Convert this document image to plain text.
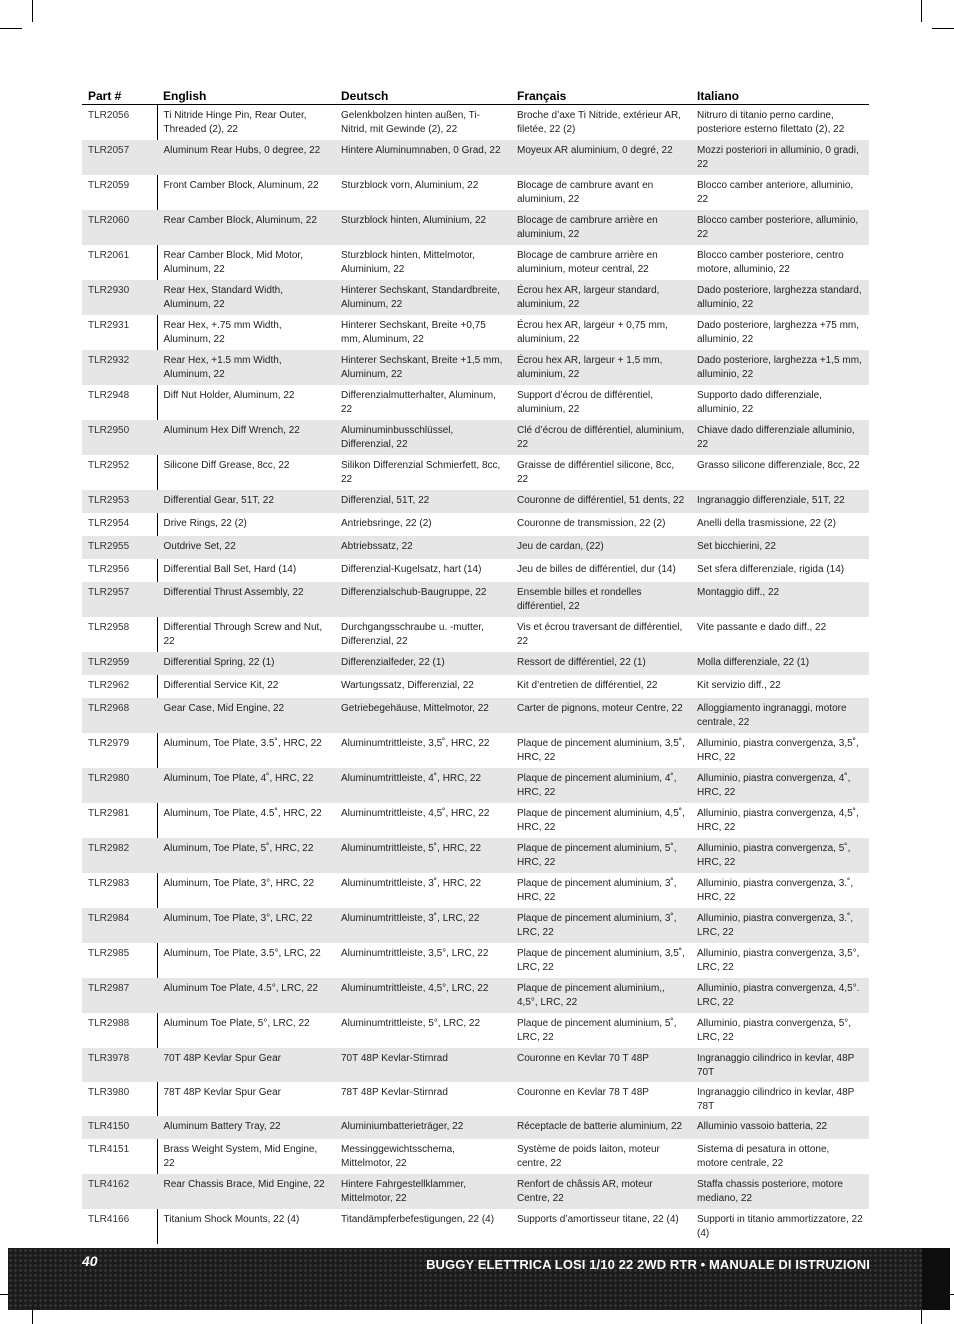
Part #	English	Deutsch	Français	Italiano
TLR2056	Ti Nitride Hinge Pin, Rear Outer, Threaded (2), 22	Gelenkbolzen hinten außen, Ti-Nitrid, mit Gewinde (2), 22	Broche d’axe Ti Nitride, extérieur AR, filetée, 22 (2)	Nitruro di titanio perno cardine, posteriore esterno filettato (2), 22
TLR2057	Aluminum Rear Hubs, 0 degree, 22	Hintere Aluminumnaben, 0 Grad, 22	Moyeux AR aluminium, 0 degré, 22	Mozzi posteriori in alluminio, 0 gradi, 22
TLR2059	Front Camber Block, Aluminum, 22	Sturzblock vorn, Aluminium, 22	Blocage de cambrure avant en aluminium, 22	Blocco camber anteriore, alluminio, 22
TLR2060	Rear Camber Block, Aluminum, 22	Sturzblock hinten, Aluminium, 22	Blocage de cambrure arrière en aluminium, 22	Blocco camber posteriore, alluminio, 22
TLR2061	Rear Camber Block, Mid Motor, Aluminum, 22	Sturzblock hinten, Mittelmotor, Aluminium, 22	Blocage de cambrure arrière en aluminium, moteur central, 22	Blocco camber posteriore, centro motore, alluminio, 22
TLR2930	Rear Hex, Standard Width, Aluminum, 22	Hinterer Sechskant, Standardbreite, Aluminum, 22	Écrou hex AR, largeur standard, aluminium, 22	Dado posteriore, larghezza standard, alluminio, 22
TLR2931	Rear Hex, +.75 mm Width, Aluminum, 22	Hinterer Sechskant, Breite +0,75 mm, Aluminum, 22	Écrou hex AR, largeur + 0,75 mm, aluminium, 22	Dado posteriore, larghezza +75 mm, alluminio, 22
TLR2932	Rear Hex, +1.5 mm Width, Aluminum, 22	Hinterer Sechskant, Breite +1,5 mm, Aluminum, 22	Écrou hex AR, largeur + 1,5 mm, aluminium, 22	Dado posteriore, larghezza +1,5 mm, alluminio, 22
TLR2948	Diff Nut Holder, Aluminum, 22	Differenzialmutterhalter, Aluminum, 22	Support d’écrou de différentiel, aluminium, 22	Supporto dado differenziale, alluminio, 22
TLR2950	Aluminum Hex Diff Wrench, 22	Aluminuminbusschlüssel, Differenzial, 22	Clé d’écrou de différentiel, aluminium, 22	Chiave dado differenziale alluminio, 22
TLR2952	Silicone Diff Grease, 8cc, 22	Silikon Differenzial Schmierfett, 8cc, 22	Graisse de différentiel silicone, 8cc, 22	Grasso silicone differenziale, 8cc, 22
TLR2953	Differential Gear, 51T, 22	Differenzial, 51T, 22	Couronne de différentiel, 51 dents, 22	Ingranaggio differenziale, 51T, 22
TLR2954	Drive Rings, 22 (2)	Antriebsringe, 22 (2)	Couronne de transmission, 22 (2)	Anelli della trasmissione, 22 (2)
TLR2955	Outdrive Set, 22	Abtriebssatz, 22	Jeu de cardan, (22)	Set bicchierini, 22
TLR2956	Differential Ball Set, Hard (14)	Differenzial-Kugelsatz, hart (14)	Jeu de billes de différentiel, dur (14)	Set sfera differenziale, rigida (14)
TLR2957	Differential Thrust Assembly, 22	Differenzialschub-Baugruppe, 22	Ensemble billes et rondelles différentiel, 22	Montaggio diff., 22
TLR2958	Differential Through Screw and Nut, 22	Durchgangsschraube u. -mutter, Differenzial, 22	Vis et écrou traversant de différentiel, 22	Vite passante e dado diff., 22
TLR2959	Differential Spring, 22 (1)	Differenzialfeder, 22 (1)	Ressort de différentiel, 22 (1)	Molla differenziale, 22 (1)
TLR2962	Differential Service Kit, 22	Wartungssatz, Differenzial, 22	Kit d’entretien de différentiel, 22	Kit servizio diff., 22
TLR2968	Gear Case, Mid Engine, 22	Getriebegehäuse, Mittelmotor, 22	Carter de pignons, moteur Centre, 22	Alloggiamento ingranaggi, motore centrale, 22
TLR2979	Aluminum, Toe Plate, 3.5˚, HRC, 22	Aluminumtrittleiste, 3,5˚, HRC, 22	Plaque de pincement aluminium, 3,5˚, HRC, 22	Alluminio, piastra convergenza, 3,5˚, HRC, 22
TLR2980	Aluminum, Toe Plate, 4˚, HRC, 22	Aluminumtrittleiste, 4˚, HRC, 22	Plaque de pincement aluminium, 4˚, HRC, 22	Alluminio, piastra convergenza, 4˚, HRC, 22
TLR2981	Aluminum, Toe Plate, 4.5˚, HRC, 22	Aluminumtrittleiste, 4,5˚, HRC, 22	Plaque de pincement aluminium, 4,5˚, HRC, 22	Alluminio, piastra convergenza, 4,5˚, HRC, 22
TLR2982	Aluminum, Toe Plate, 5˚, HRC, 22	Aluminumtrittleiste, 5˚, HRC, 22	Plaque de pincement aluminium, 5˚, HRC, 22	Alluminio, piastra convergenza, 5˚, HRC, 22
TLR2983	Aluminum, Toe Plate, 3°, HRC, 22	Aluminumtrittleiste, 3˚, HRC, 22	Plaque de pincement aluminium, 3˚, HRC, 22	Alluminio, piastra convergenza, 3.˚, HRC, 22
TLR2984	Aluminum, Toe Plate, 3°, LRC, 22	Aluminumtrittleiste, 3˚, LRC, 22	Plaque de pincement aluminium, 3˚, LRC, 22	Alluminio, piastra convergenza, 3.˚, LRC, 22
TLR2985	Aluminum, Toe Plate, 3.5°, LRC, 22	Aluminumtrittleiste, 3,5°, LRC, 22	Plaque de pincement aluminium, 3,5˚, LRC, 22	Alluminio, piastra convergenza, 3,5°, LRC, 22
TLR2987	Aluminum Toe Plate, 4.5°, LRC, 22	Aluminumtrittleiste, 4,5°, LRC, 22	Plaque de pincement aluminium,, 4,5°, LRC, 22	Alluminio, piastra convergenza, 4,5°. LRC, 22
TLR2988	Aluminum Toe Plate, 5°, LRC, 22	Aluminumtrittleiste, 5°, LRC, 22	Plaque de pincement aluminium, 5˚, LRC, 22	Alluminio, piastra convergenza, 5°, LRC, 22
TLR3978	70T 48P Kevlar Spur Gear	70T 48P Kevlar-Stirnrad	Couronne en Kevlar 70 T 48P	Ingranaggio cilindrico in kevlar, 48P 70T
TLR3980	78T 48P Kevlar Spur Gear	78T 48P Kevlar-Stirnrad	Couronne en Kevlar 78 T 48P	Ingranaggio cilindrico in kevlar, 48P 78T
TLR4150	Aluminum Battery Tray, 22	Aluminiumbatterieträger, 22	Réceptacle de batterie aluminium, 22	Alluminio vassoio batteria, 22
TLR4151	Brass Weight System, Mid Engine, 22	Messinggewichtsschema, Mittelmotor, 22	Système de poids laiton, moteur centre, 22	Sistema di pesatura in ottone, motore centrale, 22
TLR4162	Rear Chassis Brace, Mid Engine, 22	Hintere Fahrgestellklammer, Mittelmotor, 22	Renfort de châssis AR, moteur Centre, 22	Staffa chassis posteriore, motore mediano, 22
TLR4166	Titanium Shock Mounts, 22 (4)	Titandämpferbefestigungen, 22 (4)	Supports d’amortisseur titane, 22 (4)	Supporti in titanio ammortizzatore, 22 (4)
40	BUGGY ELETTRICA LOSI 1/10 22 2WD RTR • MANUALE DI ISTRUZIONI
